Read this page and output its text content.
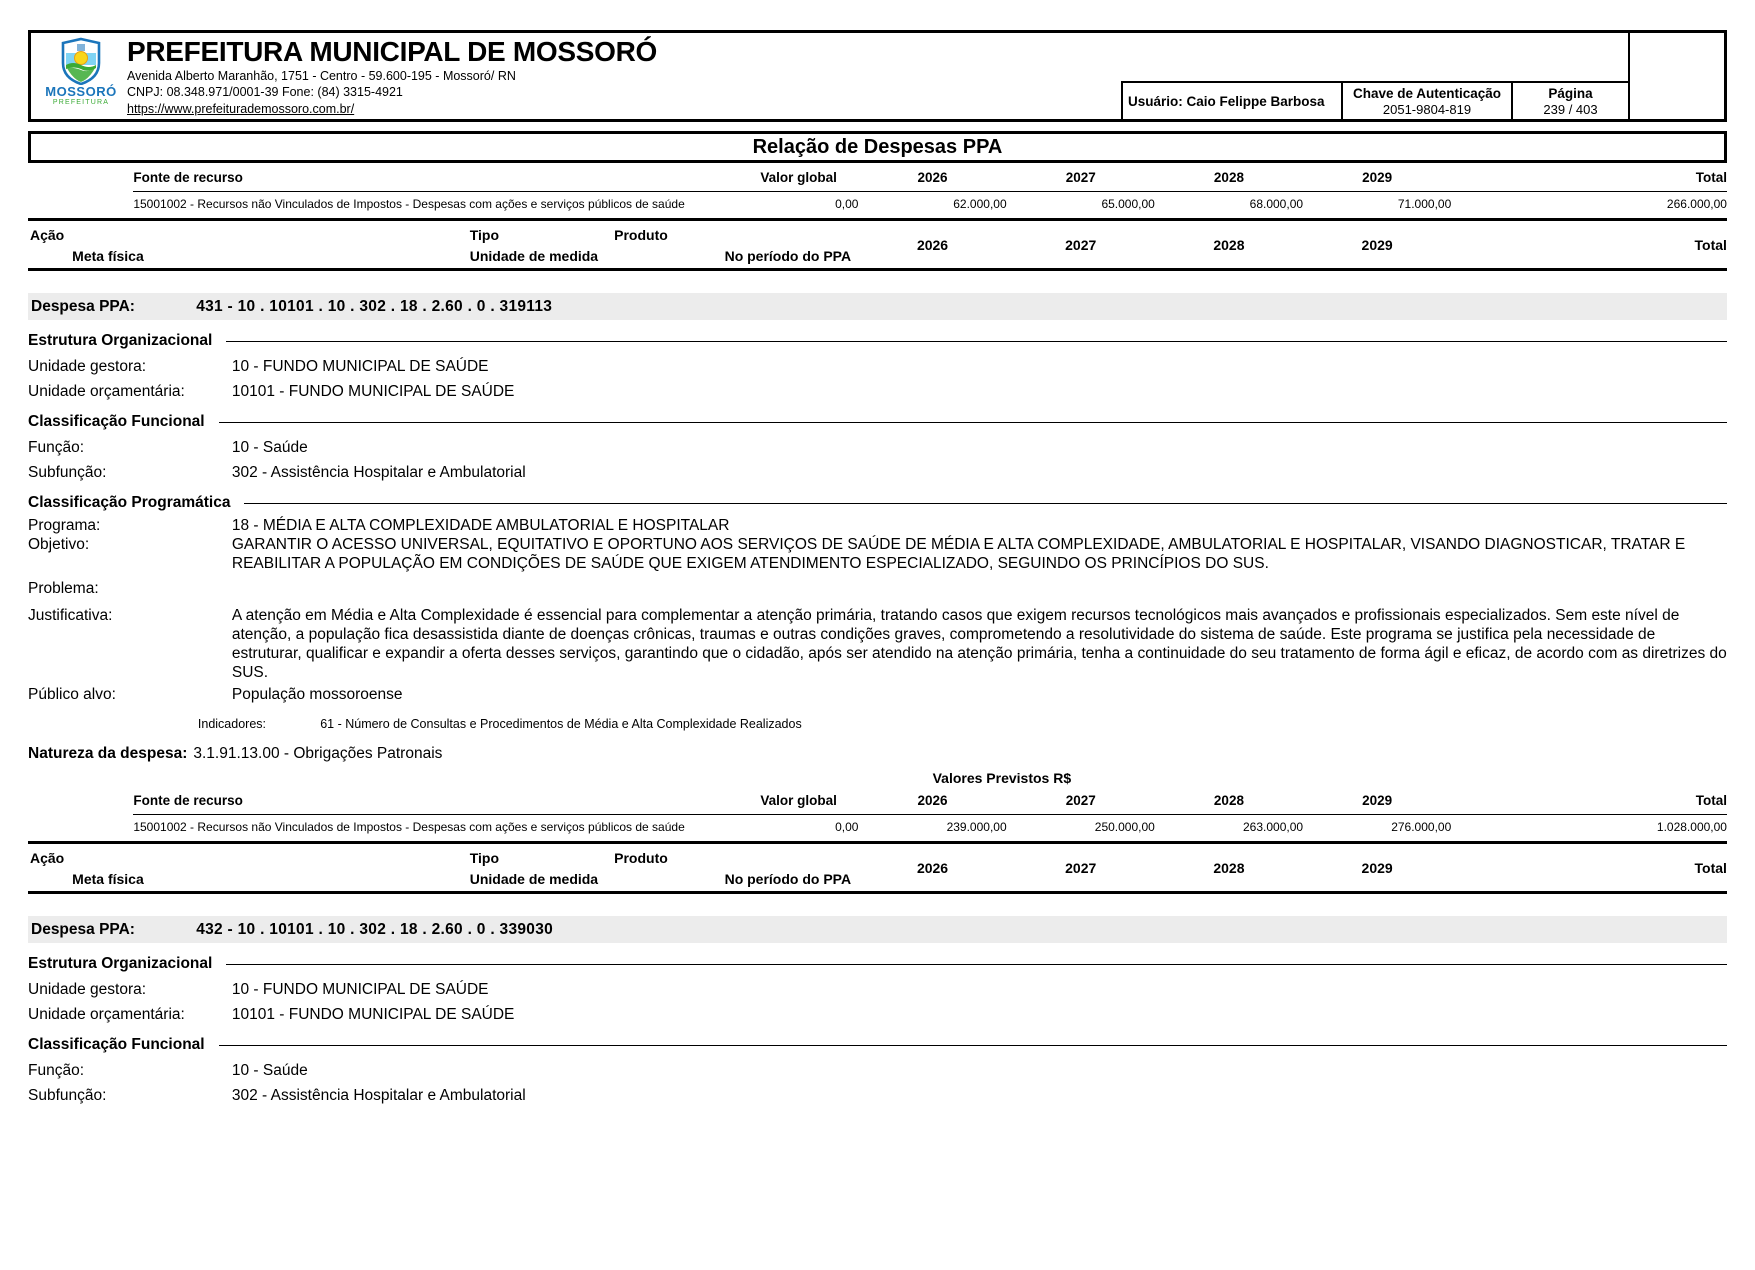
MOSSORÓ
PREFEITURA
PREFEITURA MUNICIPAL DE MOSSORÓ
Avenida Alberto Maranhão, 1751 - Centro - 59.600-195 - Mossoró/ RN
CNPJ: 08.348.971/0001-39 Fone: (84) 3315-4921
https://www.prefeiturademossoro.com.br/
Usuário: Caio Felippe Barbosa	Chave de Autenticação
2051-9804-819
Página
239 / 403
Relação de Despesas PPA
Fonte de recurso	Valor global	2026	2027	2028	2029	Total
15001002 - Recursos não Vinculados de Impostos - Despesas com ações e serviços públicos de saúde	0,00	62.000,00	65.000,00	68.000,00	71.000,00	266.000,00
Ação	Tipo	Produto
Meta física	Unidade de medida	No período do PPA
2026	2027	2028	2029	Total
Despesa PPA:	431 - 10 . 10101 . 10 . 302 . 18 . 2.60 . 0 . 319113
Estrutura Organizacional
Unidade gestora:	10 - FUNDO MUNICIPAL DE SAÚDE
Unidade orçamentária:	10101 - FUNDO MUNICIPAL DE SAÚDE
Classificação Funcional
Função:	10 - Saúde
Subfunção:	302 - Assistência Hospitalar e Ambulatorial
Classificação Programática
Programa:	18 - MÉDIA E ALTA COMPLEXIDADE AMBULATORIAL E HOSPITALAR
Objetivo:	GARANTIR O ACESSO UNIVERSAL, EQUITATIVO E OPORTUNO AOS SERVIÇOS DE SAÚDE DE MÉDIA E ALTA COMPLEXIDADE, AMBULATORIAL E HOSPITALAR, VISANDO DIAGNOSTICAR, TRATAR E REABILITAR A POPULAÇÃO EM CONDIÇÕES DE SAÚDE QUE EXIGEM ATENDIMENTO ESPECIALIZADO, SEGUINDO OS PRINCÍPIOS DO SUS.
Problema:
Justificativa:	A atenção em Média e Alta Complexidade é essencial para complementar a atenção primária, tratando casos que exigem recursos tecnológicos mais avançados e profissionais especializados. Sem este nível de atenção, a população fica desassistida diante de doenças crônicas, traumas e outras condições graves, comprometendo a resolutividade do sistema de saúde. Este programa se justifica pela necessidade de estruturar, qualificar e expandir a oferta desses serviços, garantindo que o cidadão, após ser atendido na atenção primária, tenha a continuidade do seu tratamento de forma ágil e eficaz, de acordo com as diretrizes do SUS.
Público alvo:	População mossoroense
Indicadores:	61 - Número de Consultas e Procedimentos de Média e Alta Complexidade Realizados
Natureza da despesa: 3.1.91.13.00 - Obrigações Patronais
Valores Previstos R$
Fonte de recurso	Valor global	2026	2027	2028	2029	Total
15001002 - Recursos não Vinculados de Impostos - Despesas com ações e serviços públicos de saúde	0,00	239.000,00	250.000,00	263.000,00	276.000,00	1.028.000,00
Ação	Tipo	Produto
Meta física	Unidade de medida	No período do PPA
2026	2027	2028	2029	Total
Despesa PPA:	432 - 10 . 10101 . 10 . 302 . 18 . 2.60 . 0 . 339030
Estrutura Organizacional
Unidade gestora:	10 - FUNDO MUNICIPAL DE SAÚDE
Unidade orçamentária:	10101 - FUNDO MUNICIPAL DE SAÚDE
Classificação Funcional
Função:	10 - Saúde
Subfunção:	302 - Assistência Hospitalar e Ambulatorial
